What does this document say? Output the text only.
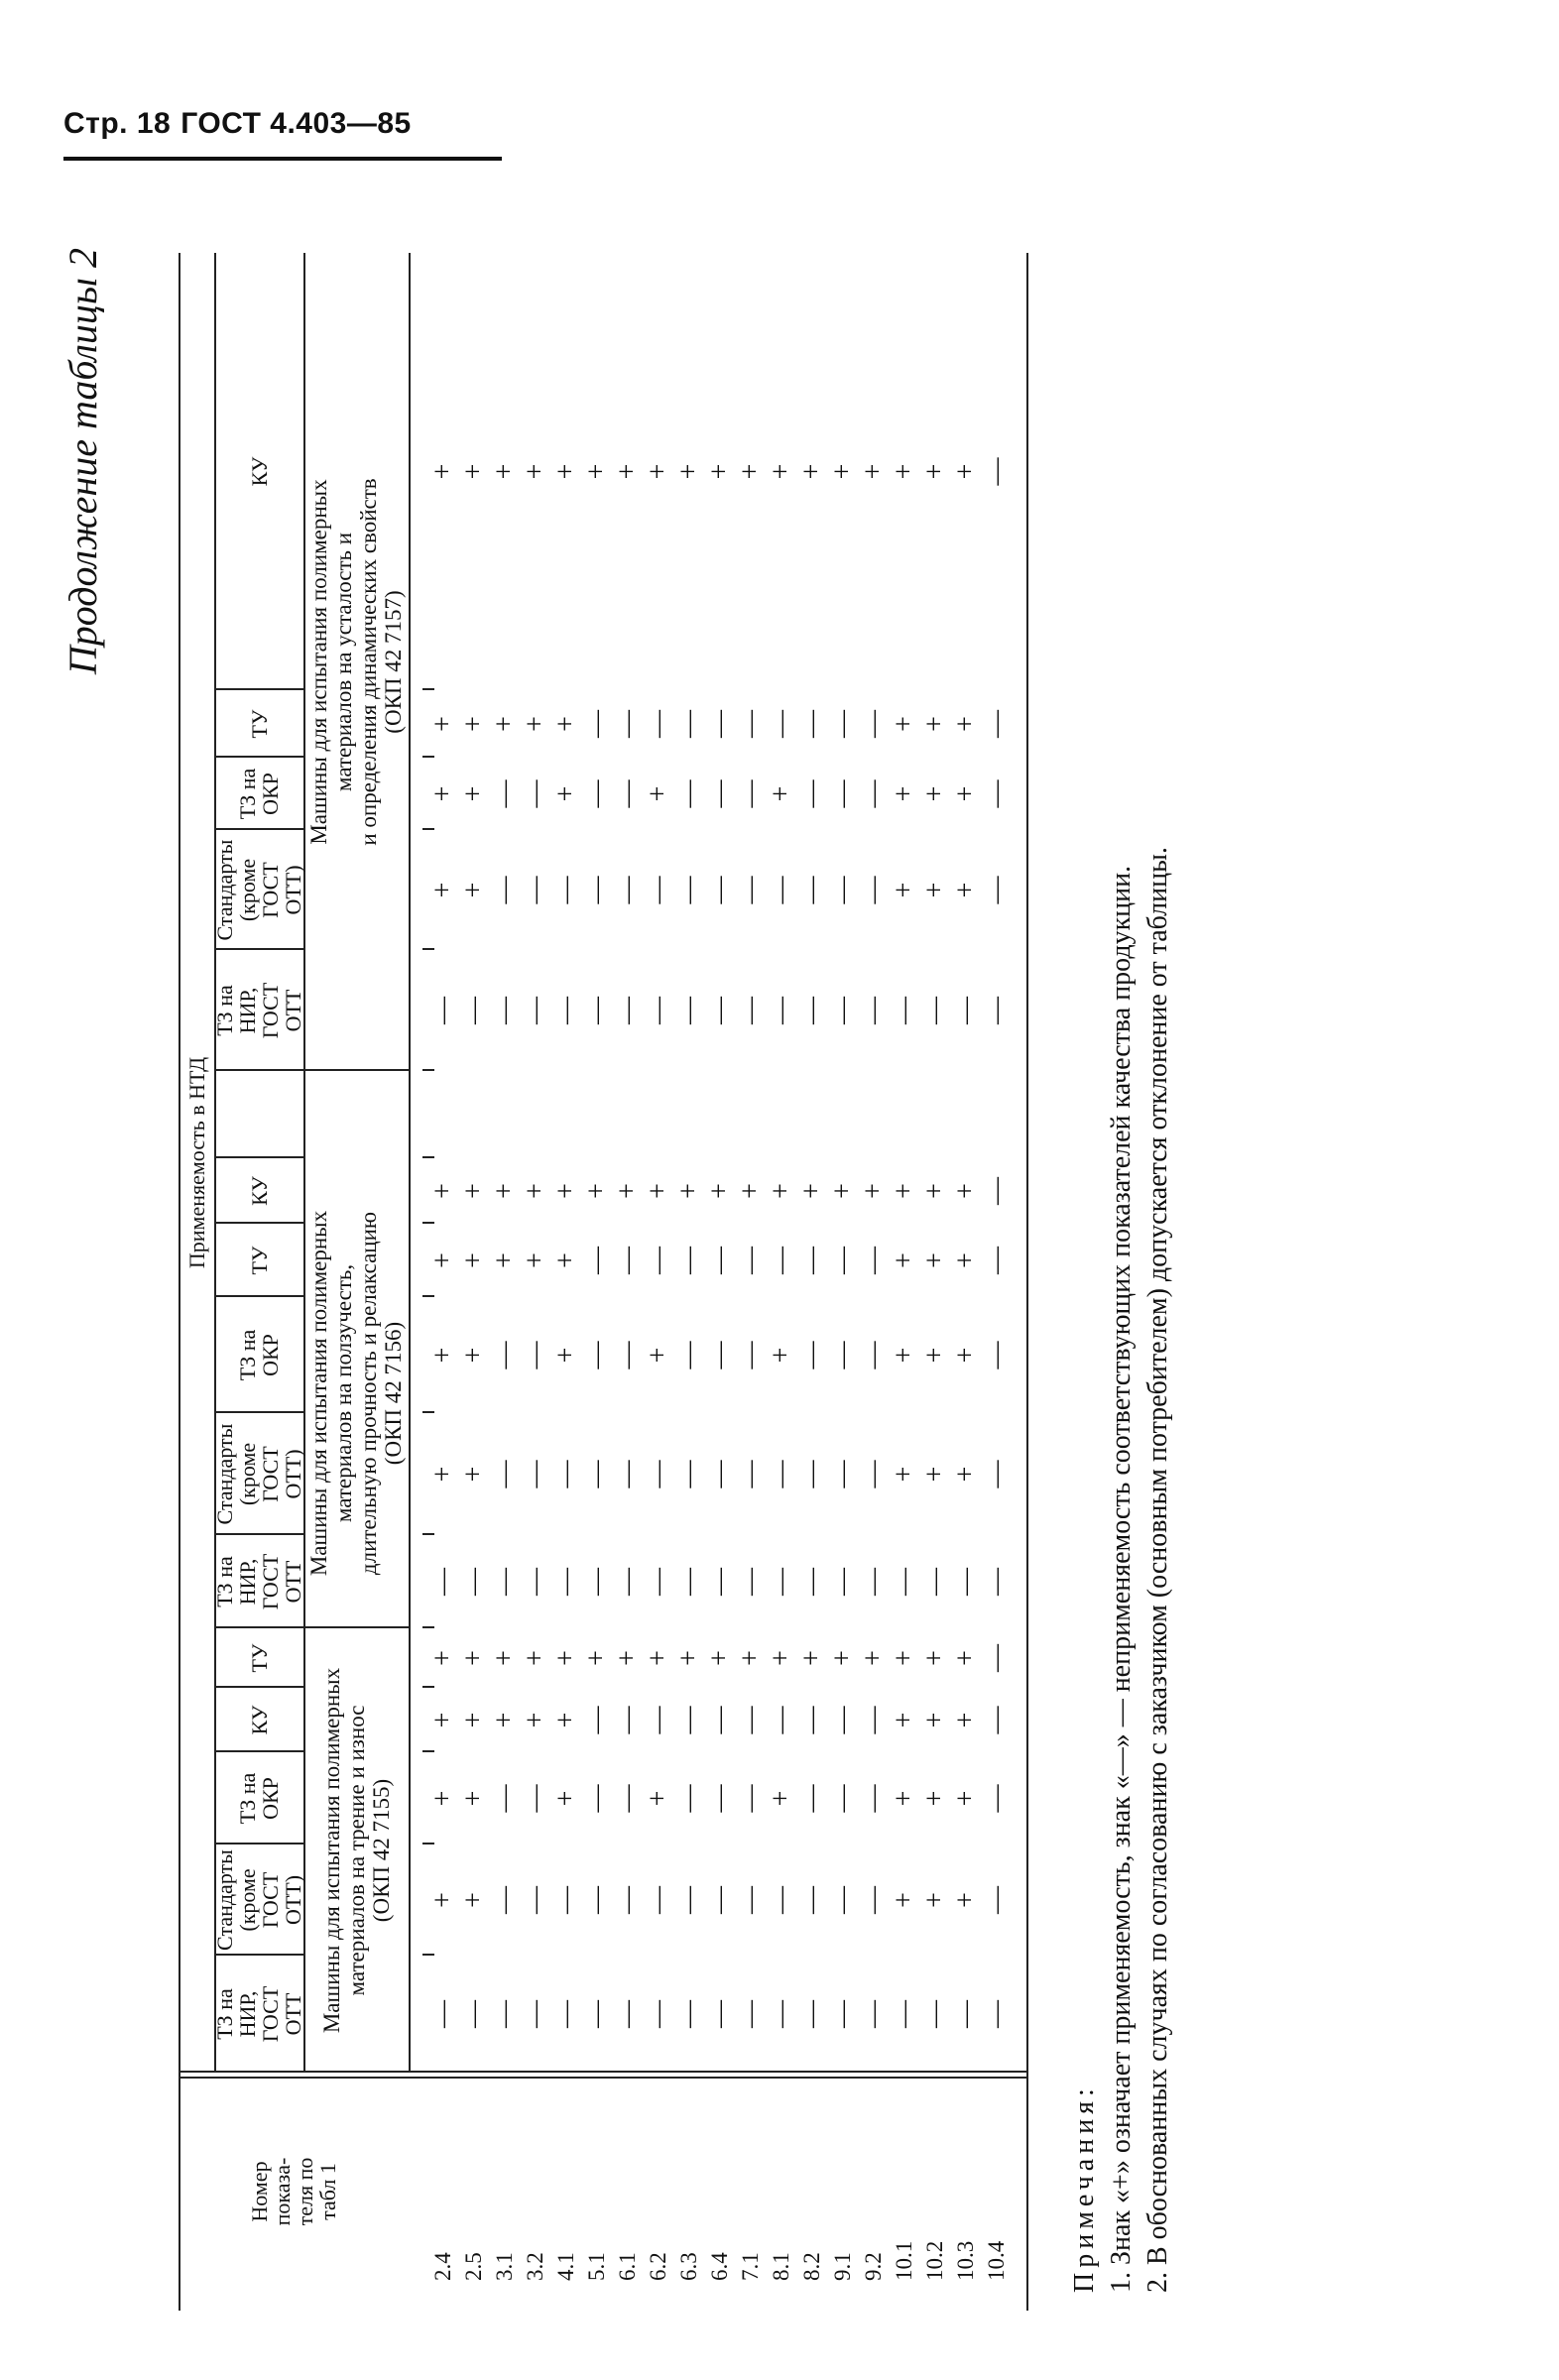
Стр. 18 ГОСТ 4.403—85
Продолжение таблицы 2
Номер
показа-
теля по
табл 1
Применяемость в НТД
ТЗ на
НИР,
ГОСТ
ОТТ
Стандарты
(кроме
ГОСТ
ОТТ)
ТЗ на
ОКР
КУ
ТУ
Машины для испытания полимерных материалов на трение и износ (ОКП 42 7155)
ТЗ на
НИР,
ГОСТ
ОТТ
Стандарты
(кроме
ГОСТ
ОТТ)
ТЗ на
ОКР
ТУ
КУ
Машины для испытания полимерных материалов на ползучесть, длительную прочность и релаксацию (ОКП 42 7156)
ТЗ на
НИР,
ГОСТ
ОТТ
Стандарты
(кроме
ГОСТ
ОТТ)
ТЗ на
ОКР
ТУ
КУ
Машины для испытания полимерных материалов на усталость и и определения динамических свойств (ОКП 42 7157)
2.4
—
+
+
+
+
—
+
+
+
+
—
+
+
+
+
2.5
—
+
+
+
+
—
+
+
+
+
—
+
+
+
+
3.1
—
—
—
+
+
—
—
—
+
+
—
—
—
+
+
3.2
—
—
—
+
+
—
—
—
+
+
—
—
—
+
+
4.1
—
—
+
+
+
—
—
+
+
+
—
—
+
+
+
5.1
—
—
—
—
+
—
—
—
—
+
—
—
—
—
+
6.1
—
—
—
—
+
—
—
—
—
+
—
—
—
—
+
6.2
—
—
+
—
+
—
—
+
—
+
—
—
+
—
+
6.3
—
—
—
—
+
—
—
—
—
+
—
—
—
—
+
6.4
—
—
—
—
+
—
—
—
—
+
—
—
—
—
+
7.1
—
—
—
—
+
—
—
—
—
+
—
—
—
—
+
8.1
—
—
+
—
+
—
—
+
—
+
—
—
+
—
+
8.2
—
—
—
—
+
—
—
—
—
+
—
—
—
—
+
9.1
—
—
—
—
+
—
—
—
—
+
—
—
—
—
+
9.2
—
—
—
—
+
—
—
—
—
+
—
—
—
—
+
10.1
—
+
+
+
+
—
+
+
+
+
—
+
+
+
+
10.2
—
+
+
+
+
—
+
+
+
+
—
+
+
+
+
10.3
—
+
+
+
+
—
+
+
+
+
—
+
+
+
+
10.4
—
—
—
—
—
—
—
—
—
—
—
—
—
—
—

Примечания: 1. Знак «+» означает применяемость, знак «—» — неприменяемость соответствующих показателей качества продукции. 2. В обоснованных случаях по согласованию с заказчиком (основным потребителем) допускается отклонение от таблицы.
